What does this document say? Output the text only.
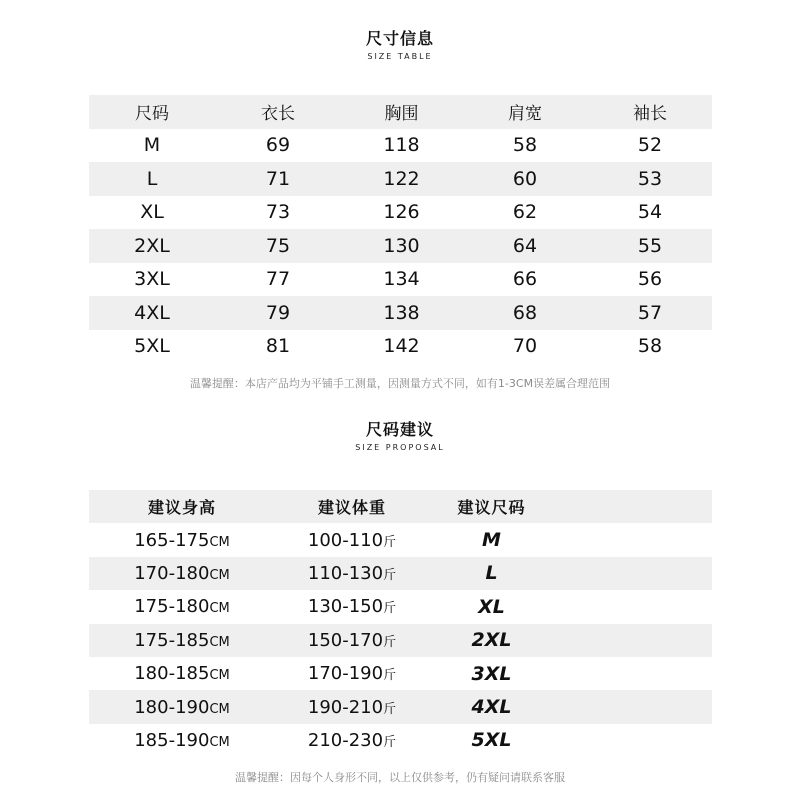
尺寸信息
SIZE TABLE
尺码	衣长	胸围	肩宽	袖长
M	69	118	58	52
L	71	122	60	53
XL	73	126	62	54
2XL	75	130	64	55
3XL	77	134	66	56
4XL	79	138	68	57
5XL	81	142	70	58
温馨提醒：本店产品均为平铺手工测量，因测量方式不同，如有1-3CM误差属合理范围
尺码建议
SIZE PROPOSAL
建议身高	建议体重	建议尺码	
165-175CM	100-110斤	M	
170-180CM	110-130斤	L	
175-180CM	130-150斤	XL	
175-185CM	150-170斤	2XL	
180-185CM	170-190斤	3XL	
180-190CM	190-210斤	4XL	
185-190CM	210-230斤	5XL	
温馨提醒：因每个人身形不同，以上仅供参考，仍有疑问请联系客服
